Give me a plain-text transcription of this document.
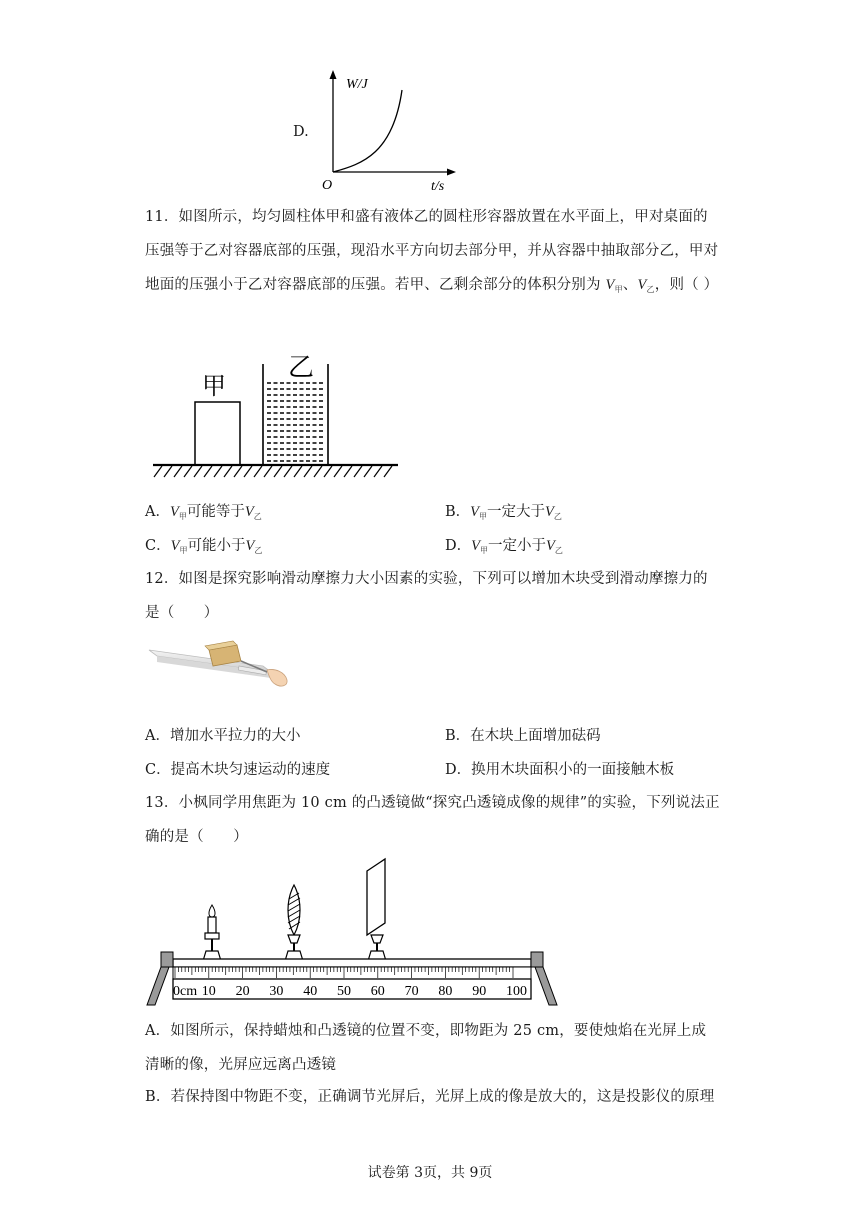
D.
W/J
O	t/s
11．如图所示，均匀圆柱体甲和盛有液体乙的圆柱形容器放置在水平面上，甲对桌面的压强等于乙对容器底部的压强，现沿水平方向切去部分甲，并从容器中抽取部分乙，甲对地面的压强小于乙对容器底部的压强。若甲、乙剩余部分的体积分别为 $V_甲$、$V_乙$，则（ ）
甲
乙
A．$V_甲$可能等于$V_乙$	B．$V_甲$一定大于$V_乙$
C．$V_甲$可能小于$V_乙$	D．$V_甲$一定小于$V_乙$
12．如图是探究影响滑动摩擦力大小因素的实验，下列可以增加木块受到滑动摩擦力的是（　　）
A．增加水平拉力的大小	B．在木块上面增加砝码
C．提高木块匀速运动的速度	D．换用木块面积小的一面接触木板
13．小枫同学用焦距为 10 cm 的凸透镜做“探究凸透镜成像的规律”的实验，下列说法正确的是（　　）
0cm 10 20 30 40 50 60 70 80 90 100
A．如图所示，保持蜡烛和凸透镜的位置不变，即物距为 25 cm，要使烛焰在光屏上成清晰的像，光屏应远离凸透镜
B．若保持图中物距不变，正确调节光屏后，光屏上成的像是放大的，这是投影仪的原理
试卷第 3页，共 9页
